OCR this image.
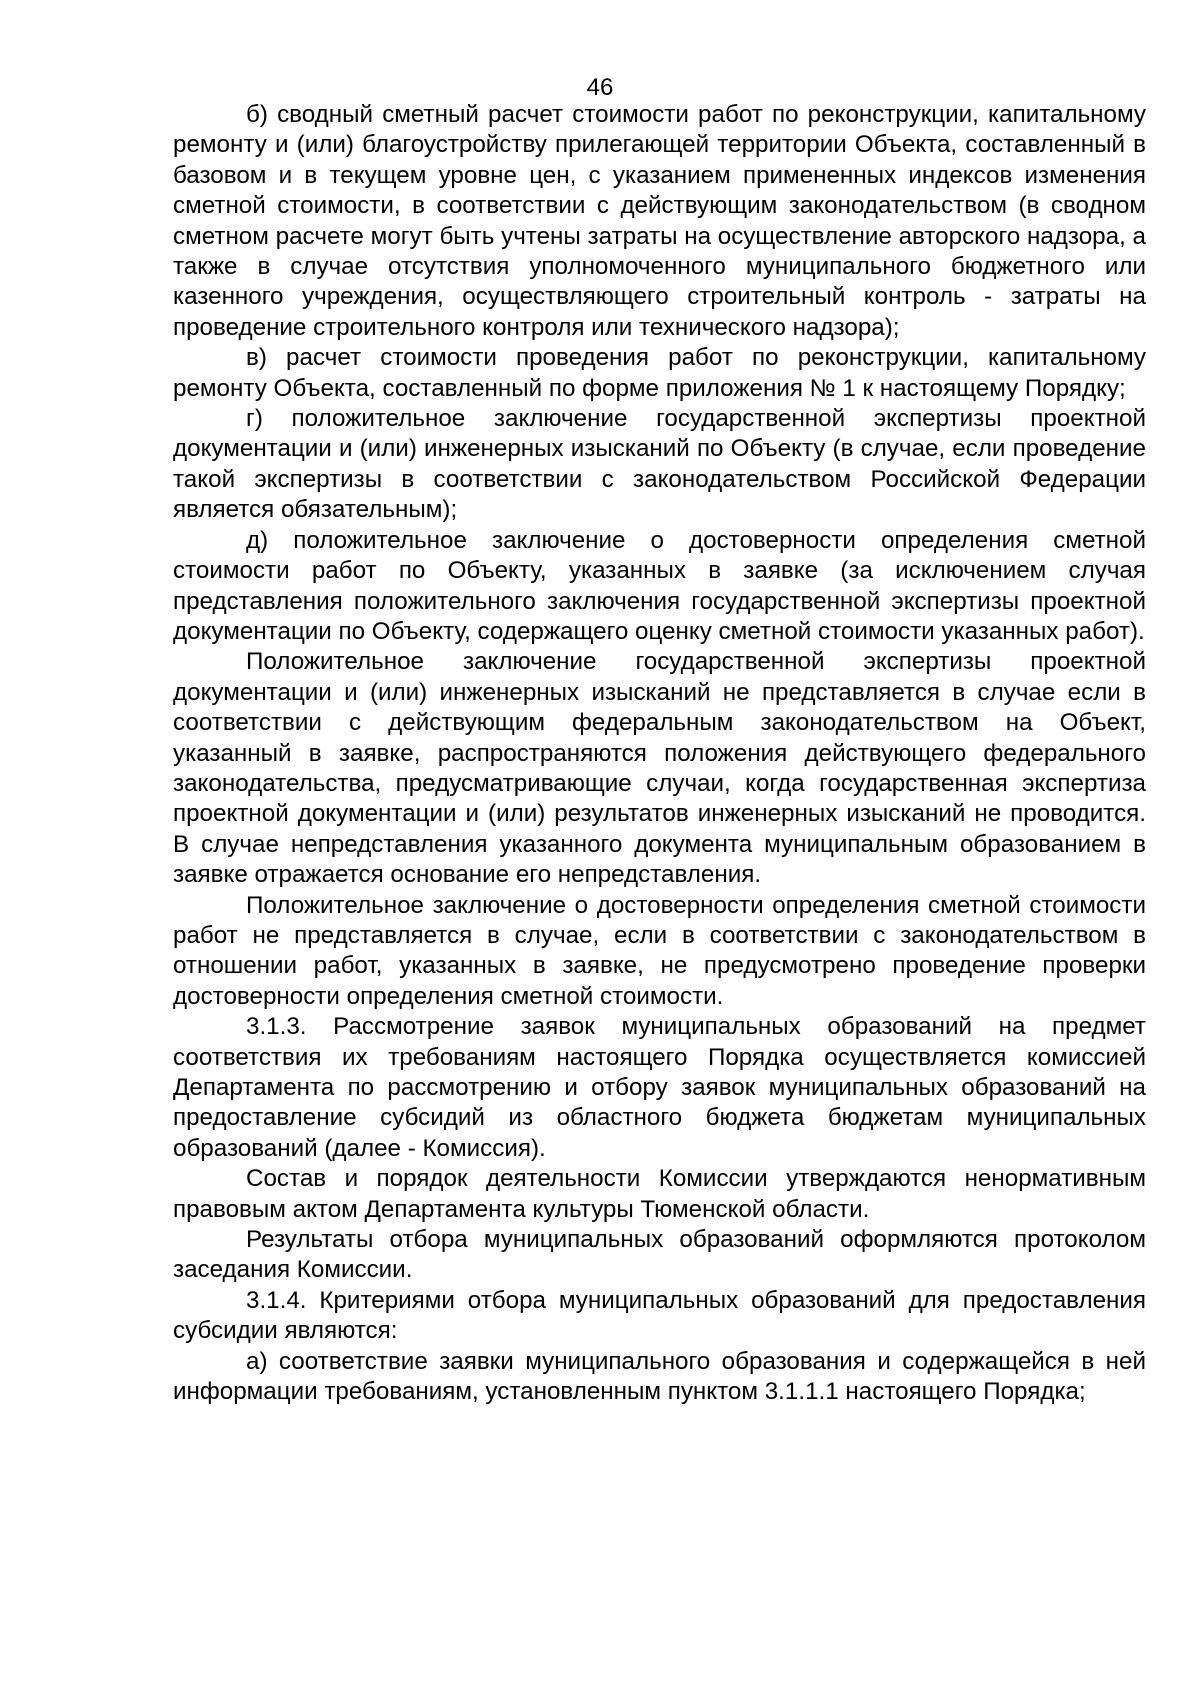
46

б) сводный сметный расчет стоимости работ по реконструкции, капитальному ремонту и (или) благоустройству прилегающей территории Объекта, составленный в базовом и в текущем уровне цен, с указанием примененных индексов изменения сметной стоимости, в соответствии с действующим законодательством (в сводном сметном расчете могут быть учтены затраты на осуществление авторского надзора, а также в случае отсутствия уполномоченного муниципального бюджетного или казенного учреждения, осуществляющего строительный контроль - затраты на проведение строительного контроля или технического надзора);

в) расчет стоимости проведения работ по реконструкции, капитальному ремонту Объекта, составленный по форме приложения № 1 к настоящему Порядку;

г) положительное заключение государственной экспертизы проектной документации и (или) инженерных изысканий по Объекту (в случае, если проведение такой экспертизы в соответствии с законодательством Российской Федерации является обязательным);

д) положительное заключение о достоверности определения сметной стоимости работ по Объекту, указанных в заявке (за исключением случая представления положительного заключения государственной экспертизы проектной документации по Объекту, содержащего оценку сметной стоимости указанных работ).

Положительное заключение государственной экспертизы проектной документации и (или) инженерных изысканий не представляется в случае если в соответствии с действующим федеральным законодательством на Объект, указанный в заявке, распространяются положения действующего федерального законодательства, предусматривающие случаи, когда государственная экспертиза проектной документации и (или) результатов инженерных изысканий не проводится. В случае непредставления указанного документа муниципальным образованием в заявке отражается основание его непредставления.

Положительное заключение о достоверности определения сметной стоимости работ не представляется в случае, если в соответствии с законодательством в отношении работ, указанных в заявке, не предусмотрено проведение проверки достоверности определения сметной стоимости.

3.1.3. Рассмотрение заявок муниципальных образований на предмет соответствия их требованиям настоящего Порядка осуществляется комиссией Департамента по рассмотрению и отбору заявок муниципальных образований на предоставление субсидий из областного бюджета бюджетам муниципальных образований (далее - Комиссия).

Состав и порядок деятельности Комиссии утверждаются ненормативным правовым актом Департамента культуры Тюменской области.

Результаты отбора муниципальных образований оформляются протоколом заседания Комиссии.

3.1.4. Критериями отбора муниципальных образований для предоставления субсидии являются:

а) соответствие заявки муниципального образования и содержащейся в ней информации требованиям, установленным пунктом 3.1.1.1 настоящего Порядка;
